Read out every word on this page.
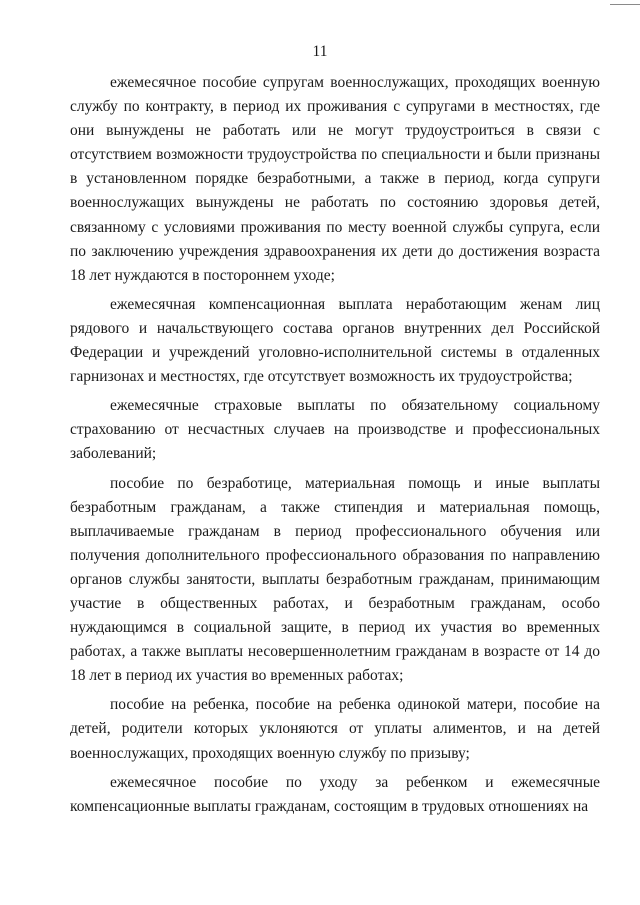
11

ежемесячное пособие супругам военнослужащих, проходящих военную службу по контракту, в период их проживания с супругами в местностях, где они вынуждены не работать или не могут трудоустроиться в связи с отсутствием возможности трудоустройства по специальности и были признаны в установленном порядке безработными, а также в период, когда супруги военнослужащих вынуждены не работать по состоянию здоровья детей, связанному с условиями проживания по месту военной службы супруга, если по заключению учреждения здравоохранения их дети до достижения возраста 18 лет нуждаются в постороннем уходе;

ежемесячная компенсационная выплата неработающим женам лиц рядового и начальствующего состава органов внутренних дел Российской Федерации и учреждений уголовно-исполнительной системы в отдаленных гарнизонах и местностях, где отсутствует возможность их трудоустройства;

ежемесячные страховые выплаты по обязательному социальному страхованию от несчастных случаев на производстве и профессиональных заболеваний;

пособие по безработице, материальная помощь и иные выплаты безработным гражданам, а также стипендия и материальная помощь, выплачиваемые гражданам в период профессионального обучения или получения дополнительного профессионального образования по направлению органов службы занятости, выплаты безработным гражданам, принимающим участие в общественных работах, и безработным гражданам, особо нуждающимся в социальной защите, в период их участия во временных работах, а также выплаты несовершеннолетним гражданам в возрасте от 14 до 18 лет в период их участия во временных работах;

пособие на ребенка, пособие на ребенка одинокой матери, пособие на детей, родители которых уклоняются от уплаты алиментов, и на детей военнослужащих, проходящих военную службу по призыву;

ежемесячное пособие по уходу за ребенком и ежемесячные компенсационные выплаты гражданам, состоящим в трудовых отношениях на
